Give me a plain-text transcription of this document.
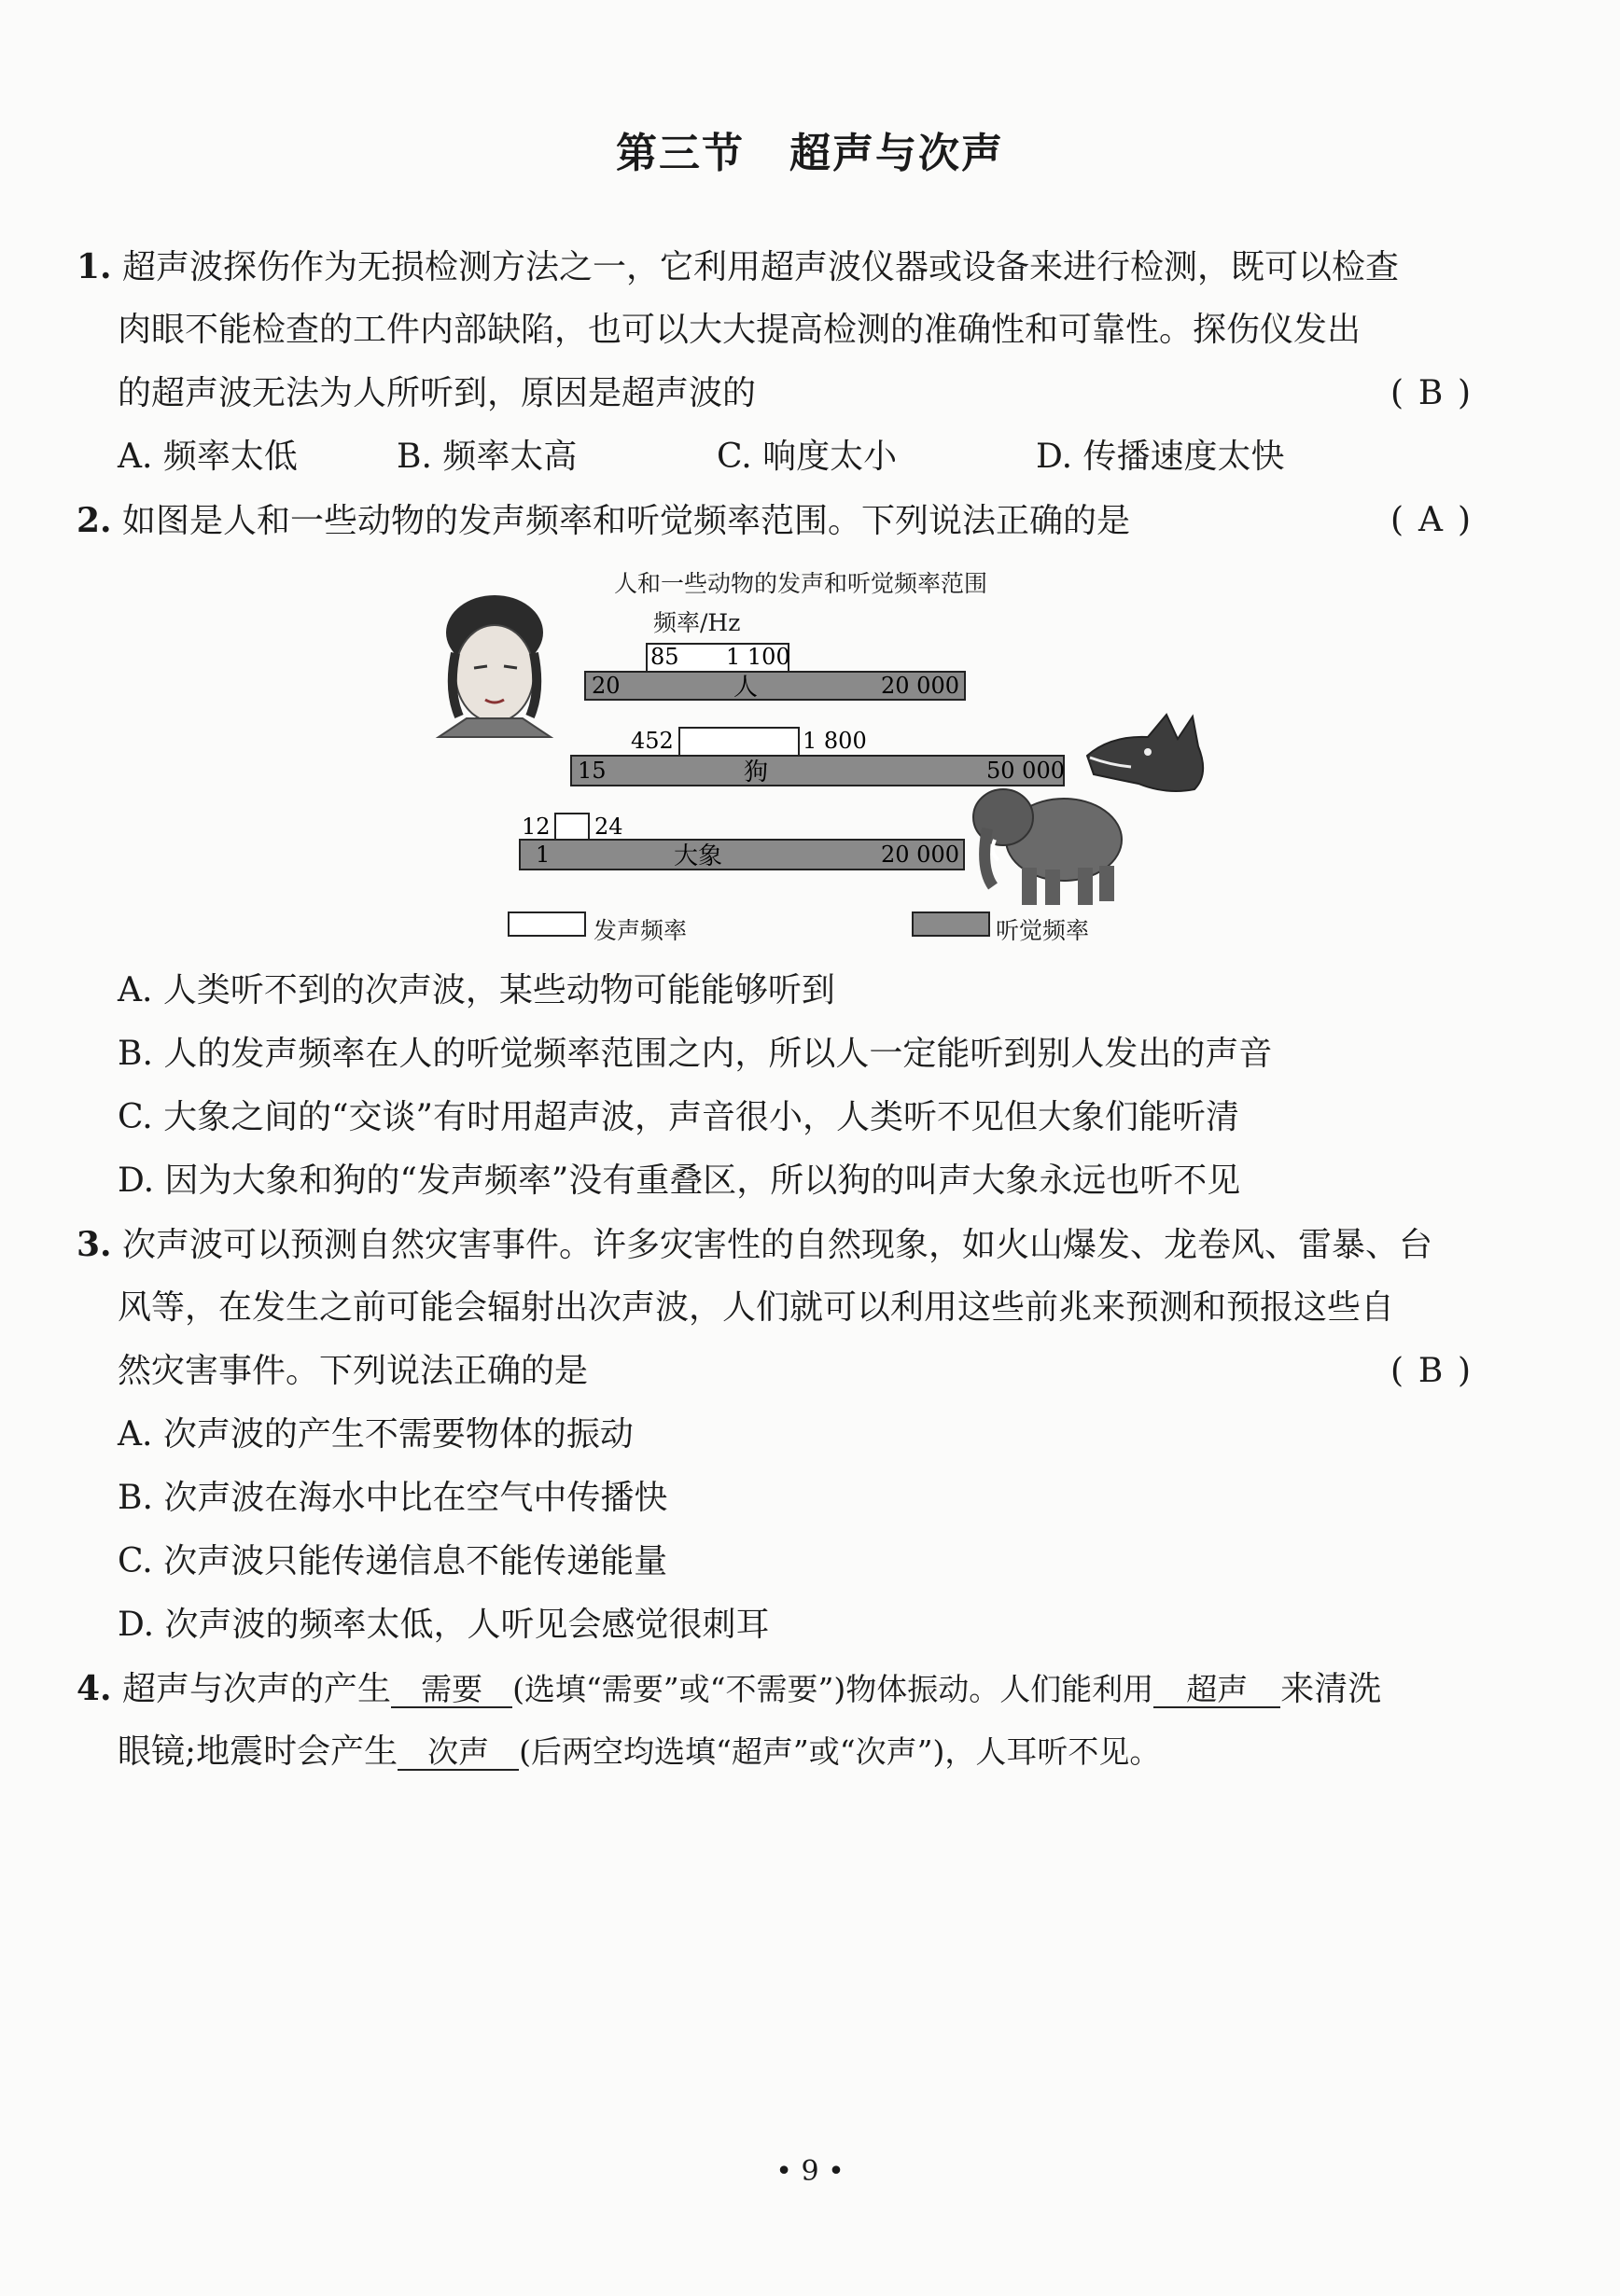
第三节 超声与次声
1. 超声波探伤作为无损检测方法之一，它利用超声波仪器或设备来进行检测，既可以检查
肉眼不能检查的工件内部缺陷，也可以大大提高检测的准确性和可靠性。探伤仪发出
的超声波无法为人所听到，原因是超声波的	( B )
A. 频率太低	B. 频率太高	C. 响度太小	D. 传播速度太快
2. 如图是人和一些动物的发声频率和听觉频率范围。下列说法正确的是	( A )
人和一些动物的发声和听觉频率范围
频率/Hz
85 1 100
20	人	20 000
452	1 800
15	狗	50 000
12 24
1	大象	20 000
发声频率	听觉频率
A. 人类听不到的次声波，某些动物可能能够听到
B. 人的发声频率在人的听觉频率范围之内，所以人一定能听到别人发出的声音
C. 大象之间的“交谈”有时用超声波，声音很小，人类听不见但大象们能听清
D. 因为大象和狗的“发声频率”没有重叠区，所以狗的叫声大象永远也听不见
3. 次声波可以预测自然灾害事件。许多灾害性的自然现象，如火山爆发、龙卷风、雷暴、台
风等，在发生之前可能会辐射出次声波，人们就可以利用这些前兆来预测和预报这些自
然灾害事件。下列说法正确的是	( B )
A. 次声波的产生不需要物体的振动
B. 次声波在海水中比在空气中传播快
C. 次声波只能传递信息不能传递能量
D. 次声波的频率太低，人听见会感觉很刺耳
4. 超声与次声的产生 需要 (选填“需要”或“不需要”)物体振动。人们能利用 超声 来清洗
眼镜;地震时会产生 次声 (后两空均选填“超声”或“次声”)，人耳听不见。
• 9 •
